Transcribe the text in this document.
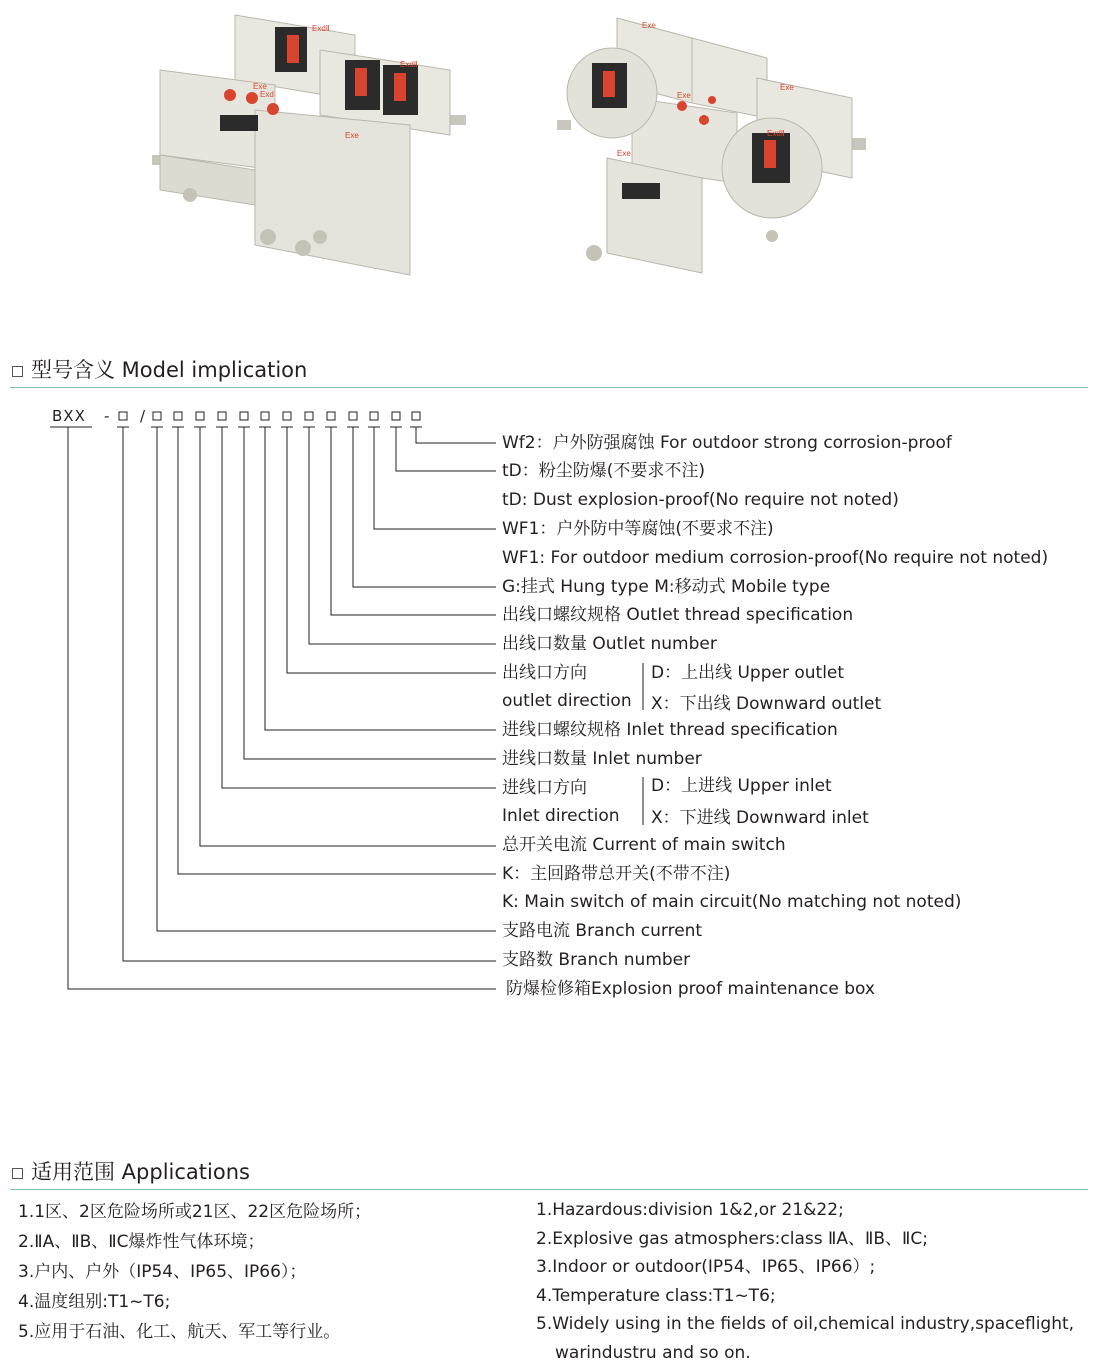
ExdⅡ
Exd
Exe
ExdⅡ
Exe	ExdⅡ
Exe
Exe
Exe
Exe
型号含义 Model implication
BXX - /
Wf2：户外防强腐蚀 For outdoor strong corrosion-proof
tD：粉尘防爆(不要求不注)
tD: Dust explosion-proof(No require not noted)
WF1：户外防中等腐蚀(不要求不注)
WF1: For outdoor medium corrosion-proof(No require not noted)
G:挂式 Hung type M:移动式 Mobile type
出线口螺纹规格 OutIet thread specification
出线口数量 Outlet number
出线口方向
outlet direction
进线口螺纹规格 Inlet thread specification
进线口数量 Inlet number
进线口方向
Inlet direction
总开关电流 Current of main switch
K：主回路带总开关(不带不注)
K: Main switch of main circuit(No matching not noted)
支路电流 Branch current
支路数 Branch number
防爆检修箱Explosion proof maintenance box
D：上出线 Upper outlet
X：下出线 Downward outlet
D：上进线 Upper inlet
X：下进线 Downward inlet
适用范围 Applications
1.1区、2区危险场所或21区、22区危险场所；
2.ⅡA、ⅡB、ⅡC爆炸性气体环境；
3.户内、户外（IP54、IP65、IP66）；
4.温度组别:T1~T6;
5.应用于石油、化工、航天、军工等行业。
1.Hazardous:division 1&2,or 21&22;
2.Explosive gas atmosphers:class ⅡA、ⅡB、ⅡC;
3.Indoor or outdoor(IP54、IP65、IP66）;
4.Temperature class:T1~T6;
5.Widely using in the fields of oil,chemical industry,spaceflight,
warindustru and so on.
